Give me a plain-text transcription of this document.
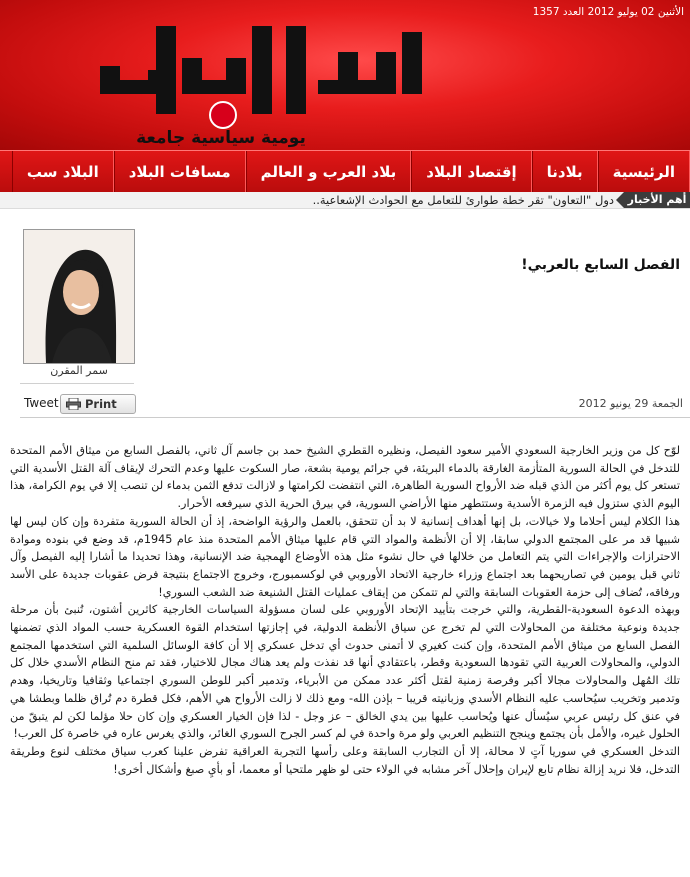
الأثنين 02 يوليو 2012 العدد 1357
يومية سياسية جامعة
الرئيسية
بلادنا
إقتصاد البلاد
بلاد العرب و العالم
مسافات البلاد
البلاد سب
أهم الأخبار
دول "التعاون" تقر خطة طوارئ للتعامل مع الحوادث الإشعاعية..
سمر المقرن
الفصل السابع بالعربي!
Tweet Print	الجمعة 29 يونيو 2012

لوّح كل من وزير الخارجية السعودي الأمير سعود الفيصل، ونظيره القطري الشيخ حمد بن جاسم آل ثاني، بالفصل السابع من ميثاق الأمم المتحدة للتدخل في الحالة السورية المتأزمة الغارقة بالدماء البريئة، في جرائم يومية بشعة، صار السكوت عليها وعدم التحرك لإيقاف آلة القتل الأسدية التي تستعر كل يوم أكثر من الذي قبله ضد الأرواح السورية الطاهرة، التي انتفضت لكرامتها و لازالت تدفع الثمن بدماء لن تنصب إلا في يوم الكرامة، هذا اليوم الذي ستزول فيه الزمرة الأسدية وستتطهر منها الأراضي السورية، في بيرق الحرية الذي سيرفعه الأحرار.

هذا الكلام ليس أحلاما ولا خيالات، بل إنها أهداف إنسانية لا بد أن تتحقق، بالعمل والرؤية الواضحة، إذ أن الحالة السورية متفردة وإن كان ليس لها شبيها قد مر على المجتمع الدولي سابقا، إلا أن الأنظمة والمواد التي قام عليها ميثاق الأمم المتحدة منذ عام 1945م، قد وضع في بنوده وموادة الاحترازات والإجراءات التي يتم التعامل من خلالها في حال نشوء مثل هذه الأوضاع الهمجية ضد الإنسانية، وهذا تحديدا ما أشارا إليه الفيصل وآل ثاني قبل يومين في تصاريحهما بعد اجتماع وزراء خارجية الاتحاد الأوروبي في لوكسمبورج، وخروج الاجتماع بنتيجة فرض عقوبات جديدة على الأسد ورفاقه، تُضاف إلى حزمة العقوبات السابقة والتي لم تتمكن من إيقاف عمليات القتل الشنيعة ضد الشعب السوري!

وبهذه الدعوة السعودية-القطرية، والتي خرجت بتأييد الإتحاد الأوروبي على لسان مسؤولة السياسات الخارجية كاثرين أشتون، تُنبئ بأن مرحلة جديدة ونوعية مختلفة من المحاولات التي لم تخرج عن سياق الأنظمة الدولية، في إجازتها استخدام القوة العسكرية حسب المواد الذي تضمنها الفصل السابع من ميثاق الأمم المتحدة، وإن كنت كغيري لا أتمنى حدوث أي تدخل عسكري إلا أن كافة الوسائل السلمية التي استخدمها المجتمع الدولي، والمحاولات العربية التي تقودها السعودية وقطر، باعتقادي أنها قد نفذت ولم يعد هناك مجال للاختيار، فقد تم منح النظام الأسدي خلال كل تلك المُهل والمحاولات مجالا أكبر وفرصة زمنية لقتل أكثر عدد ممكن من الأبرياء، وتدمير أكبر للوطن السوري اجتماعيا وثقافيا وتاريخيا، وهدم وتدمير وتخريب سيُحاسب عليه النظام الأسدي وزبانيته قريبا – بإذن الله- ومع ذلك لا زالت الأرواح هي الأهم، فكل قطرة دم تُراق ظلما وبطشا هي في عنق كل رئيس عربي سيُسأل عنها ويُحاسب عليها بين يدي الخالق – عز وجل - لذا فإن الخيار العسكري وإن كان حلا مؤلما لكن لم يتبقّ من الحلول غيره، والأمل بأن يجتمع وينجح التنظيم العربي ولو مرة واحدة في لم كسر الجرح السوري الغائر، والذي يغرس عاره في خاصرة كل العرب!

التدخل العسكري في سوريا آتٍ لا محالة، إلا أن التجارب السابقة وعلى رأسها التجربة العراقية تفرض علينا كعرب سياق مختلف لنوع وطريقة التدخل، فلا نريد إزالة نظام تابع لإيران وإحلال آخر مشابه في الولاء حتى لو ظهر ملتحيا أو معمما، أو بأيِ صبغ وأشكال أخرى!
